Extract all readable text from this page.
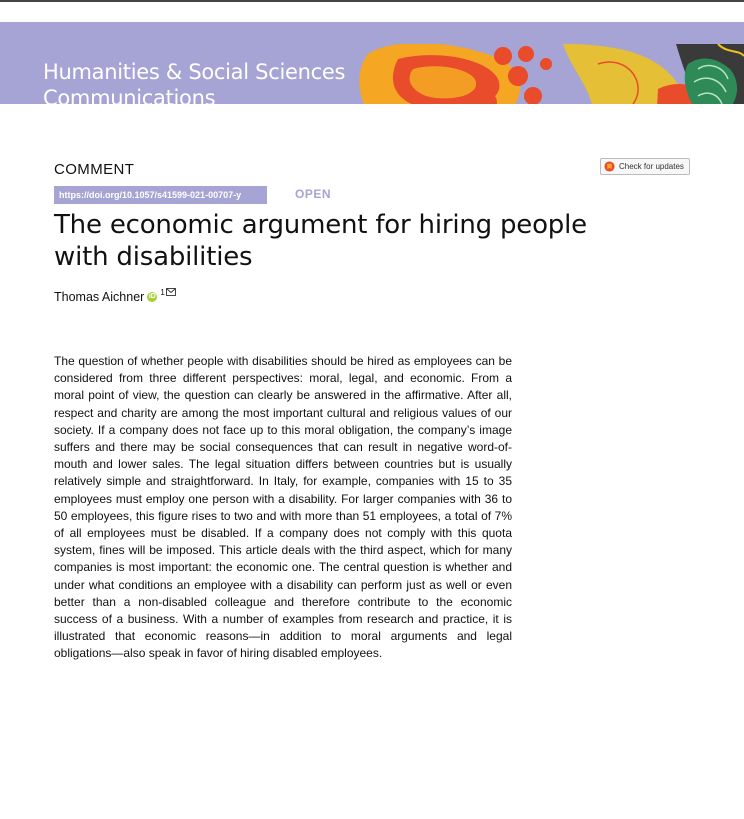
Humanities & Social Sciences
Communications
COMMENT
https://doi.org/10.1057/s41599-021-00707-y	OPEN
Check for updates
The economic argument for hiring people with disabilities
Thomas Aichner iD 1

The question of whether people with disabilities should be hired as employees can be considered from three different perspectives: moral, legal, and economic. From a moral point of view, the question can clearly be answered in the affirmative. After all, respect and charity are among the most important cultural and religious values of our society. If a company does not face up to this moral obligation, the company’s image suffers and there may be social consequences that can result in negative word-of-mouth and lower sales. The legal situation differs between countries but is usually relatively simple and straightforward. In Italy, for example, companies with 15 to 35 employees must employ one person with a disability. For larger companies with 36 to 50 employees, this figure rises to two and with more than 51 employees, a total of 7% of all employees must be disabled. If a company does not comply with this quota system, fines will be imposed. This article deals with the third aspect, which for many companies is most important: the economic one. The central question is whether and under what conditions an employee with a disability can perform just as well or even better than a non-disabled colleague and therefore contribute to the economic success of a business. With a number of examples from research and practice, it is illustrated that economic reasons—in addition to moral arguments and legal obligations—also speak in favor of hiring disabled employees.
